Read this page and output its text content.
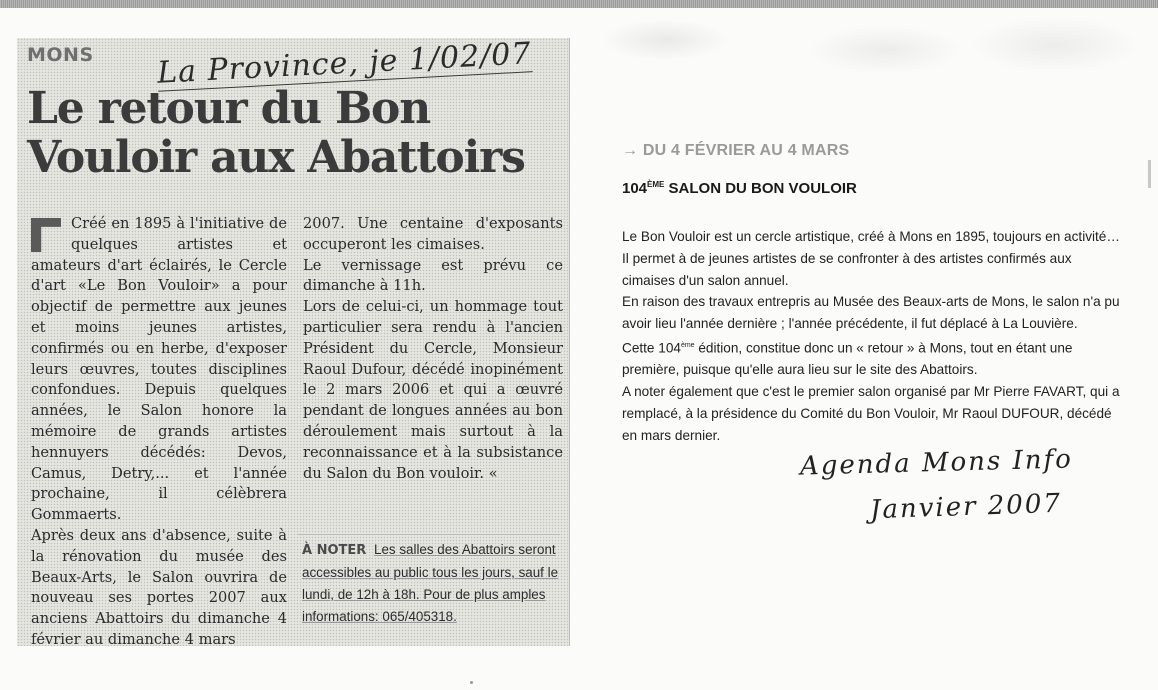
MONS La Province, je 1/02/07
Le retour du Bon
Vouloir aux Abattoirs

Créé en 1895 à l'initiative de quelques artistes et amateurs d'art éclairés, le Cercle d'art «Le Bon Vouloir» a pour objectif de permettre aux jeunes et moins jeunes artistes, confirmés ou en herbe, d'exposer leurs œuvres, toutes disciplines confondues. Depuis quelques années, le Salon honore la mémoire de grands artistes hennuyers décédés: Devos, Camus, Detry,... et l'année prochaine, il célèbrera Gommaerts.

Après deux ans d'absence, suite à la rénovation du musée des Beaux-Arts, le Salon ouvrira de nouveau ses portes 2007 aux anciens Abattoirs du dimanche 4 février au dimanche 4 mars

2007. Une centaine d'exposants occuperont les cimaises.

Le vernissage est prévu ce dimanche à 11h.

Lors de celui-ci, un hommage tout particulier sera rendu à l'ancien Président du Cercle, Monsieur Raoul Dufour, décédé inopinément le 2 mars 2006 et qui a œuvré pendant de longues années au bon déroulement mais surtout à la reconnaissance et à la subsistance du Salon du Bon vouloir. «

À NOTER Les salles des Abattoirs seront accessibles au public tous les jours, sauf le lundi, de 12h à 18h. Pour de plus amples informations: 065/405318.
→ DU 4 FÉVRIER AU 4 MARS
104ÈME SALON DU BON VOULOIR

Le Bon Vouloir est un cercle artistique, créé à Mons en 1895, toujours en activité…Il permet à de jeunes artistes de se confronter à des artistes confirmés aux cimaises d'un salon annuel.

En raison des travaux entrepris au Musée des Beaux-arts de Mons, le salon n'a pu avoir lieu l'année dernière ; l'année précédente, il fut déplacé à La Louvière.

Cette 104ème édition, constitue donc un « retour » à Mons, tout en étant une première, puisque qu'elle aura lieu sur le site des Abattoirs.

A noter également que c'est le premier salon organisé par Mr Pierre FAVART, qui a remplacé, à la présidence du Comité du Bon Vouloir, Mr Raoul DUFOUR, décédé en mars dernier.

Agenda Mons Info
Janvier 2007
